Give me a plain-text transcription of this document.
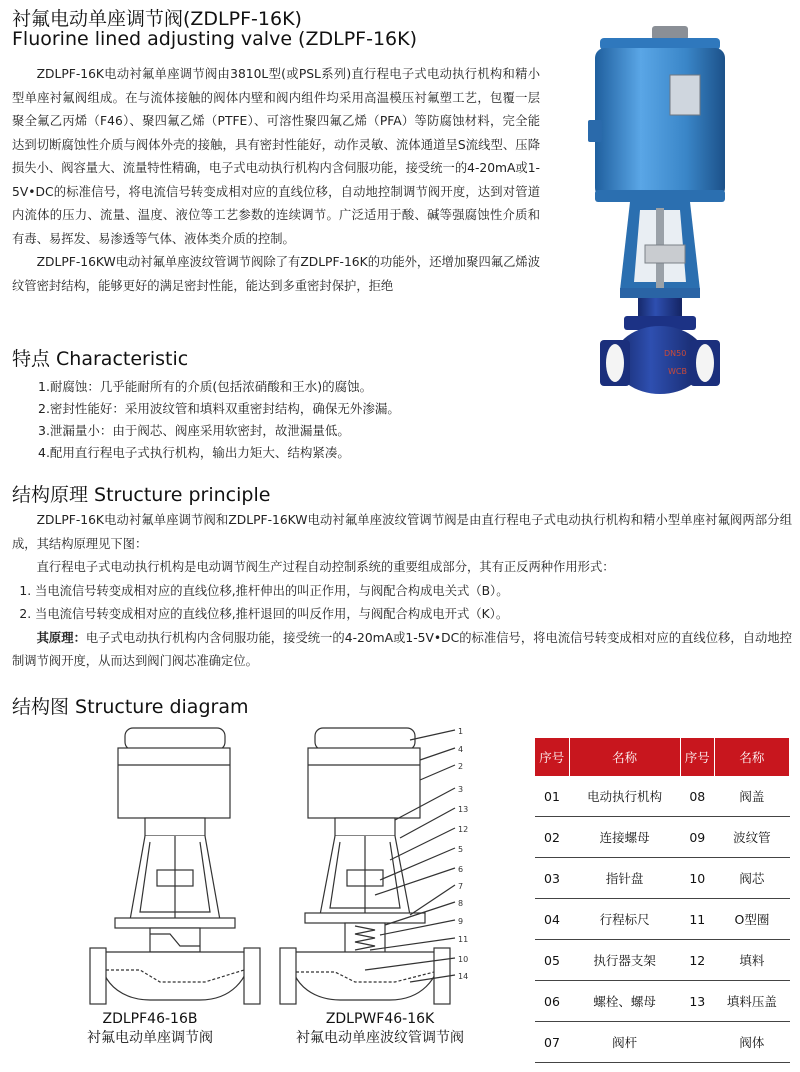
衬氟电动单座调节阀(ZDLPF-16K)
Fluorine lined adjusting valve (ZDLPF-16K)

ZDLPF-16K电动衬氟单座调节阀由3810L型(或PSL系列)直行程电子式电动执行机构和精小型单座衬氟阀组成。在与流体接触的阀体内壁和阀内组件均采用高温模压衬氟塑工艺，包覆一层聚全氟乙丙烯（F46）、聚四氟乙烯（PTFE）、可溶性聚四氟乙烯（PFA）等防腐蚀材料，完全能达到切断腐蚀性介质与阀体外壳的接触，具有密封性能好，动作灵敏、流体通道呈S流线型、压降损失小、阀容量大、流量特性精确，电子式电动执行机构内含伺服功能，接受统一的4-20mA或1-5V•DC的标准信号，将电流信号转变成相对应的直线位移，自动地控制调节阀开度，达到对管道内流体的压力、流量、温度、液位等工艺参数的连续调节。广泛适用于酸、碱等强腐蚀性介质和有毒、易挥发、易渗透等气体、液体类介质的控制。

ZDLPF-16KW电动衬氟单座波纹管调节阀除了有ZDLPF-16K的功能外，还增加聚四氟乙烯波纹管密封结构，能够更好的满足密封性能，能达到多重密封保护，拒绝

DN50
WCB
特点 Characteristic
1.耐腐蚀：几乎能耐所有的介质(包括浓硝酸和王水)的腐蚀。
2.密封性能好：采用波纹管和填料双重密封结构，确保无外渗漏。
3.泄漏量小：由于阀芯、阀座采用软密封，故泄漏量低。
4.配用直行程电子式执行机构，输出力矩大、结构紧凑。
结构原理 Structure principle

ZDLPF-16K电动衬氟单座调节阀和ZDLPF-16KW电动衬氟单座波纹管调节阀是由直行程电子式电动执行机构和精小型单座衬氟阀两部分组成，其结构原理见下图：

直行程电子式电动执行机构是电动调节阀生产过程自动控制系统的重要组成部分，其有正反两种作用形式：

1. 当电流信号转变成相对应的直线位移,推杆伸出的叫正作用，与阀配合构成电关式（B）。

2. 当电流信号转变成相对应的直线位移,推杆退回的叫反作用，与阀配合构成电开式（K）。

其原理：电子式电动执行机构内含伺服功能，接受统一的4-20mA或1-5V•DC的标准信号，将电流信号转变成相对应的直线位移，自动地控制调节阀开度，从而达到阀门阀芯准确定位。

结构图 Structure diagram
1
4
2
3
13
12
5
6
7
8
9
11
10
14
ZDLPF46-16B
衬氟电动单座调节阀
ZDLPWF46-16K
衬氟电动单座波纹管调节阀
序号	名称	序号	名称
01	电动执行机构	08	阀盖
02	连接螺母	09	波纹管
03	指针盘	10	阀芯
04	行程标尺	11	O型圈
05	执行器支架	12	填料
06	螺栓、螺母	13	填料压盖
07	阀杆		阀体
